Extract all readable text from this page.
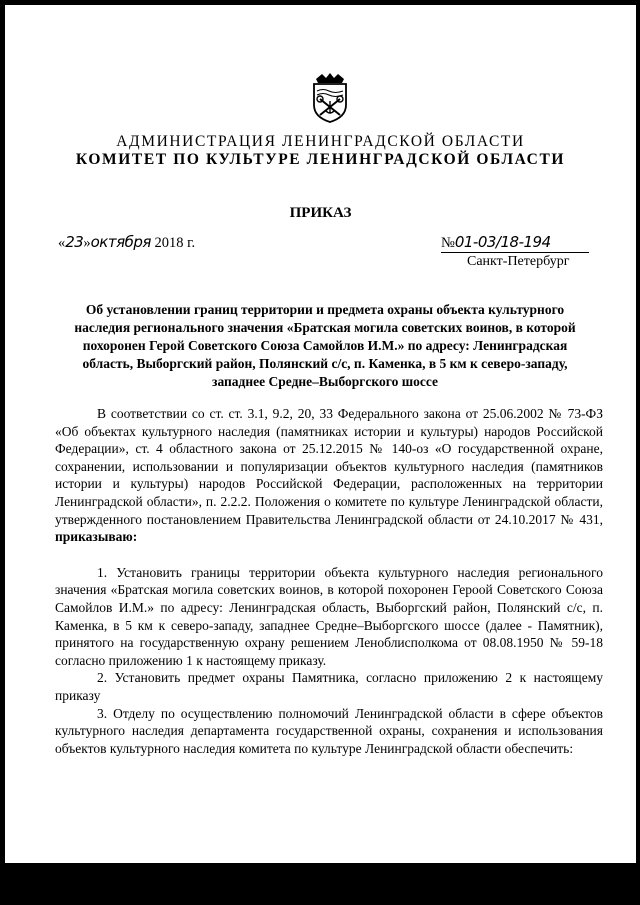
АДМИНИСТРАЦИЯ ЛЕНИНГРАДСКОЙ ОБЛАСТИ
КОМИТЕТ ПО КУЛЬТУРЕ ЛЕНИНГРАДСКОЙ ОБЛАСТИ
ПРИКАЗ
«23»октября 2018 г.	№01-03/18-194
Санкт-Петербург
Об установлении границ территории и предмета охраны объекта культурного наследия регионального значения «Братская могила советских воинов, в которой похоронен Герой Советского Союза Самойлов И.М.» по адресу: Ленинградская область, Выборгский район, Полянский с/с, п. Каменка, в 5 км к северо-западу, западнее Средне–Выборгского шоссе

В соответствии со ст. ст. 3.1, 9.2, 20, 33 Федерального закона от 25.06.2002 № 73-ФЗ «Об объектах культурного наследия (памятниках истории и культуры) народов Российской Федерации», ст. 4 областного закона от 25.12.2015 № 140-оз «О государственной охране, сохранении, использовании и популяризации объектов культурного наследия (памятников истории и культуры) народов Российской Федерации, расположенных на территории Ленинградской области», п. 2.2.2. Положения о комитете по культуре Ленинградской области, утвержденного постановлением Правительства Ленинградской области от 24.10.2017 № 431, приказываю:

1. Установить границы территории объекта культурного наследия регионального значения «Братская могила советских воинов, в которой похоронен Героой Советского Союза Самойлов И.М.» по адресу: Ленинградская область, Выборгский район, Полянский с/с, п. Каменка, в 5 км к северо-западу, западнее Средне–Выборгского шоссе (далее - Памятник), принятого на государственную охрану решением Леноблисполкома от 08.08.1950 № 59-18 согласно приложению 1 к настоящему приказу.

2. Установить предмет охраны Памятника, согласно приложению 2 к настоящему приказу

3. Отделу по осуществлению полномочий Ленинградской области в сфере объектов культурного наследия департамента государственной охраны, сохранения и использования объектов культурного наследия комитета по культуре Ленинградской области обеспечить:
